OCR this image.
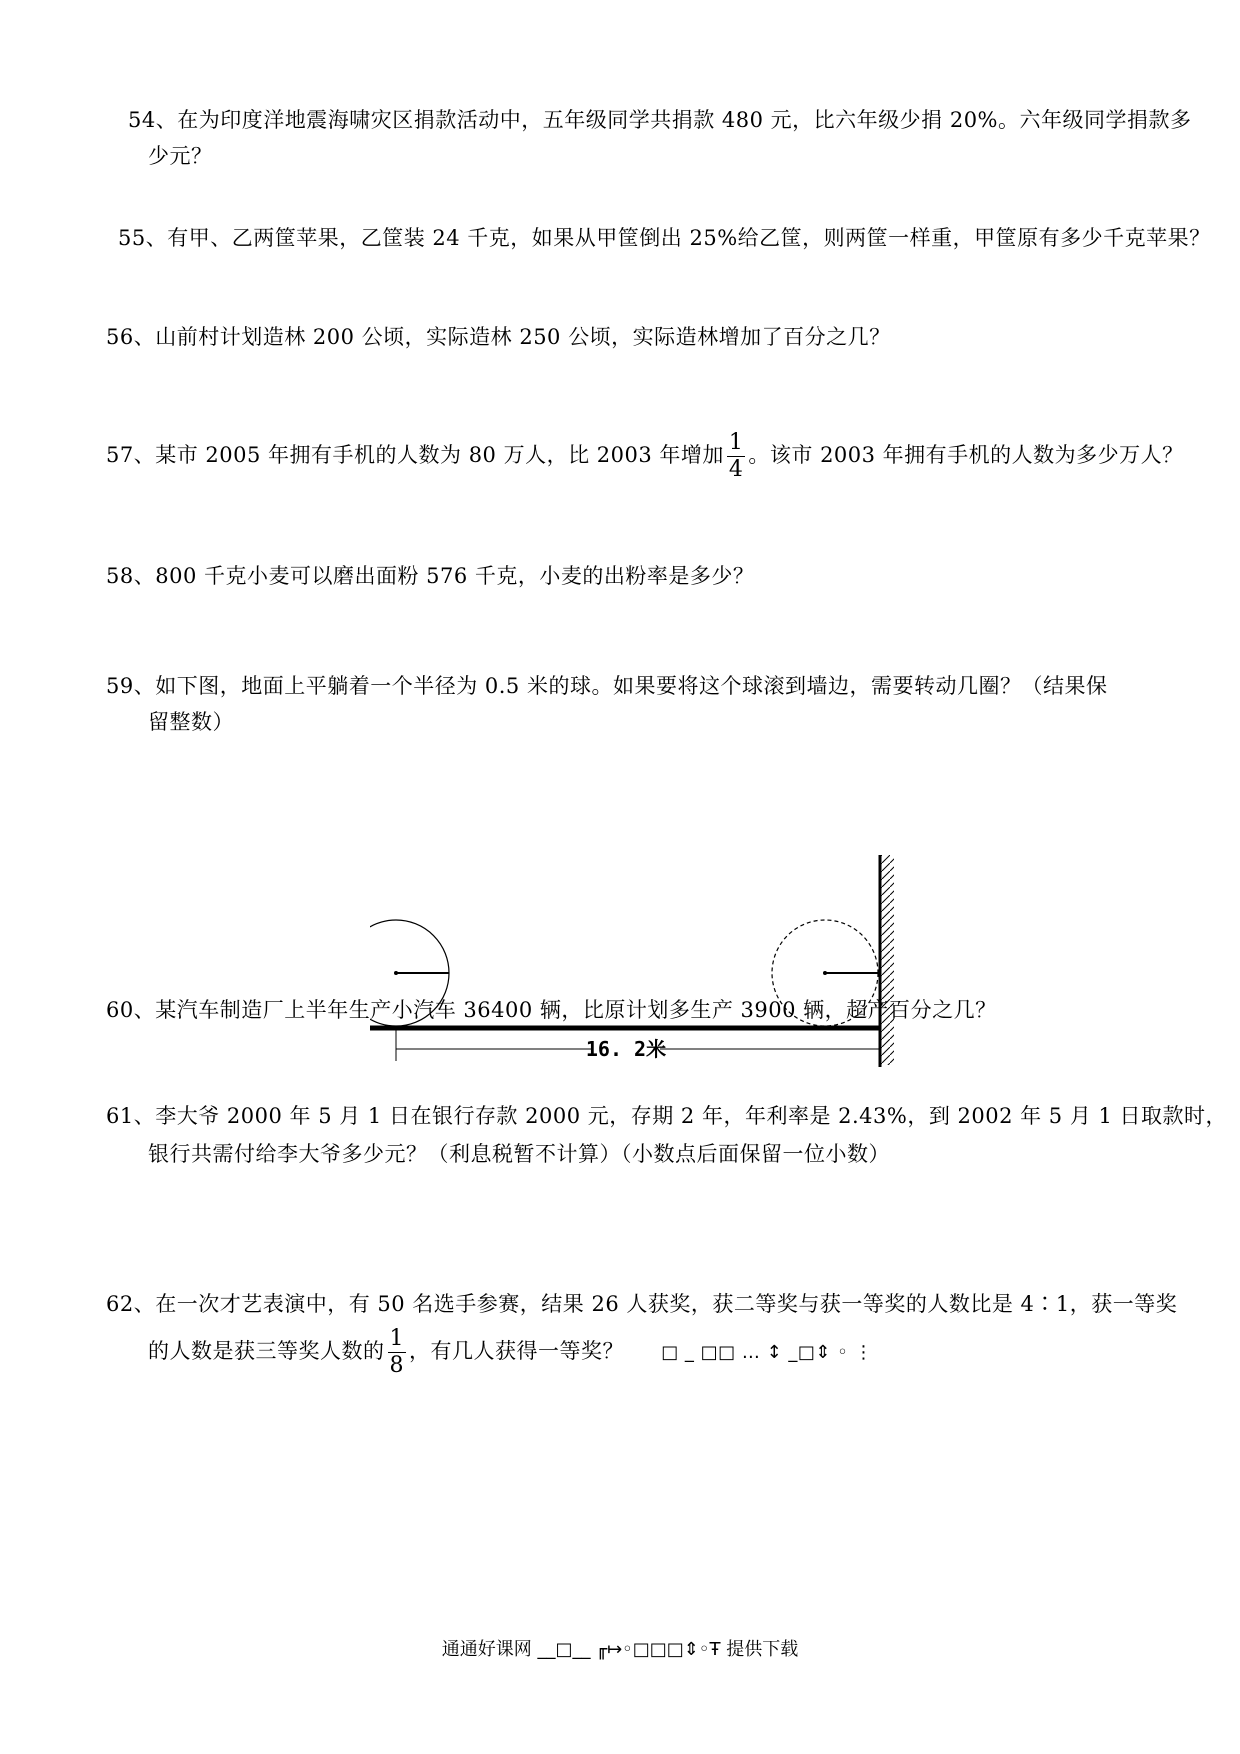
54、在为印度洋地震海啸灾区捐款活动中，五年级同学共捐款 480 元，比六年级少捐 20%。六年级同学捐款多
少元？
55、有甲、乙两筐苹果，乙筐装 24 千克，如果从甲筐倒出 25%给乙筐，则两筐一样重，甲筐原有多少千克苹果？
56、山前村计划造林 200 公顷，实际造林 250 公顷，实际造林增加了百分之几？
57、某市 2005 年拥有手机的人数为 80 万人，比 2003 年增加 $\frac{1}{4}$ 。该市 2003 年拥有手机的人数为多少万人？
58、800 千克小麦可以磨出面粉 576 千克，小麦的出粉率是多少？
59、如下图，地面上平躺着一个半径为 0.5 米的球。如果要将这个球滚到墙边，需要转动几圈？（结果保
留整数）
16. 2米
60、某汽车制造厂上半年生产小汽车 36400 辆，比原计划多生产 3900 辆，超产百分之几？
61、李大爷 2000 年 5 月 1 日在银行存款 2000 元，存期 2 年，年利率是 2.43%，到 2002 年 5 月 1 日取款时，
银行共需付给李大爷多少元？（利息税暂不计算）（小数点后面保留一位小数）
62、在一次才艺表演中，有 50 名选手参赛，结果 26 人获奖，获二等奖与获一等奖的人数比是 4∶1，获一等奖
的人数是获三等奖人数的 $\frac{1}{8}$ ，有几人获得一等奖？ □ _ □□ … ↕ _□⇕ ◦ ⋮
通通好课网 __□__ ╓↦◦□□□⇕◦Ŧ 提供下载
